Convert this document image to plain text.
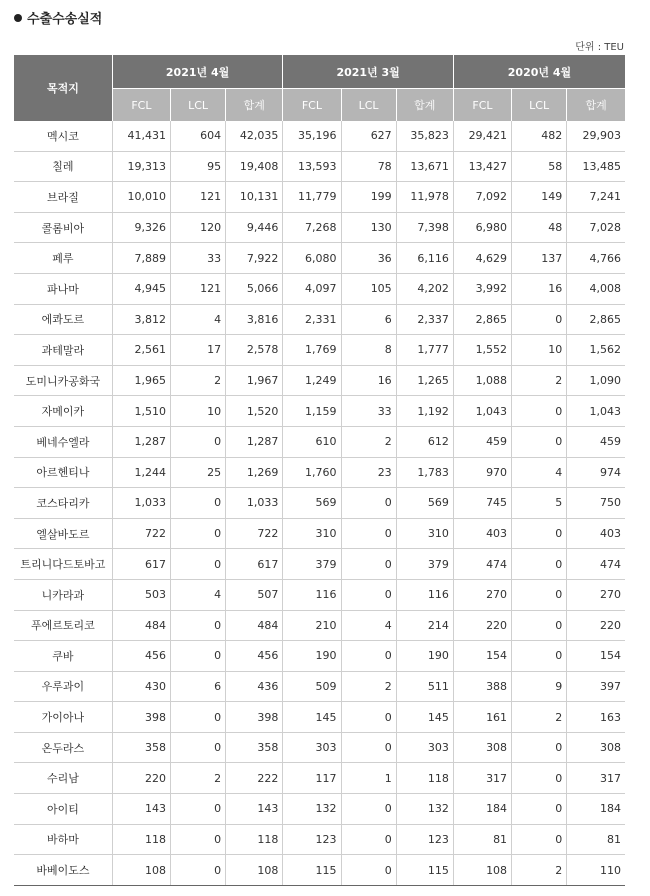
수출수송실적
단위 : TEU
목적지	2021년 4월			2021년 3월			2020년 4월		
	FCL	LCL	합계	FCL	LCL	합계	FCL	LCL	합계
멕시코	41,431	604	42,035	35,196	627	35,823	29,421	482	29,903
칠레	19,313	95	19,408	13,593	78	13,671	13,427	58	13,485
브라질	10,010	121	10,131	11,779	199	11,978	7,092	149	7,241
콜롬비아	9,326	120	9,446	7,268	130	7,398	6,980	48	7,028
페루	7,889	33	7,922	6,080	36	6,116	4,629	137	4,766
파나마	4,945	121	5,066	4,097	105	4,202	3,992	16	4,008
에콰도르	3,812	4	3,816	2,331	6	2,337	2,865	0	2,865
과테말라	2,561	17	2,578	1,769	8	1,777	1,552	10	1,562
도미니카공화국	1,965	2	1,967	1,249	16	1,265	1,088	2	1,090
자메이카	1,510	10	1,520	1,159	33	1,192	1,043	0	1,043
베네수엘라	1,287	0	1,287	610	2	612	459	0	459
아르헨티나	1,244	25	1,269	1,760	23	1,783	970	4	974
코스타리카	1,033	0	1,033	569	0	569	745	5	750
엘살바도르	722	0	722	310	0	310	403	0	403
트리니다드토바고	617	0	617	379	0	379	474	0	474
니카라과	503	4	507	116	0	116	270	0	270
푸에르토리코	484	0	484	210	4	214	220	0	220
쿠바	456	0	456	190	0	190	154	0	154
우루과이	430	6	436	509	2	511	388	9	397
가이아나	398	0	398	145	0	145	161	2	163
온두라스	358	0	358	303	0	303	308	0	308
수리남	220	2	222	117	1	118	317	0	317
아이티	143	0	143	132	0	132	184	0	184
바하마	118	0	118	123	0	123	81	0	81
바베이도스	108	0	108	115	0	115	108	2	110
